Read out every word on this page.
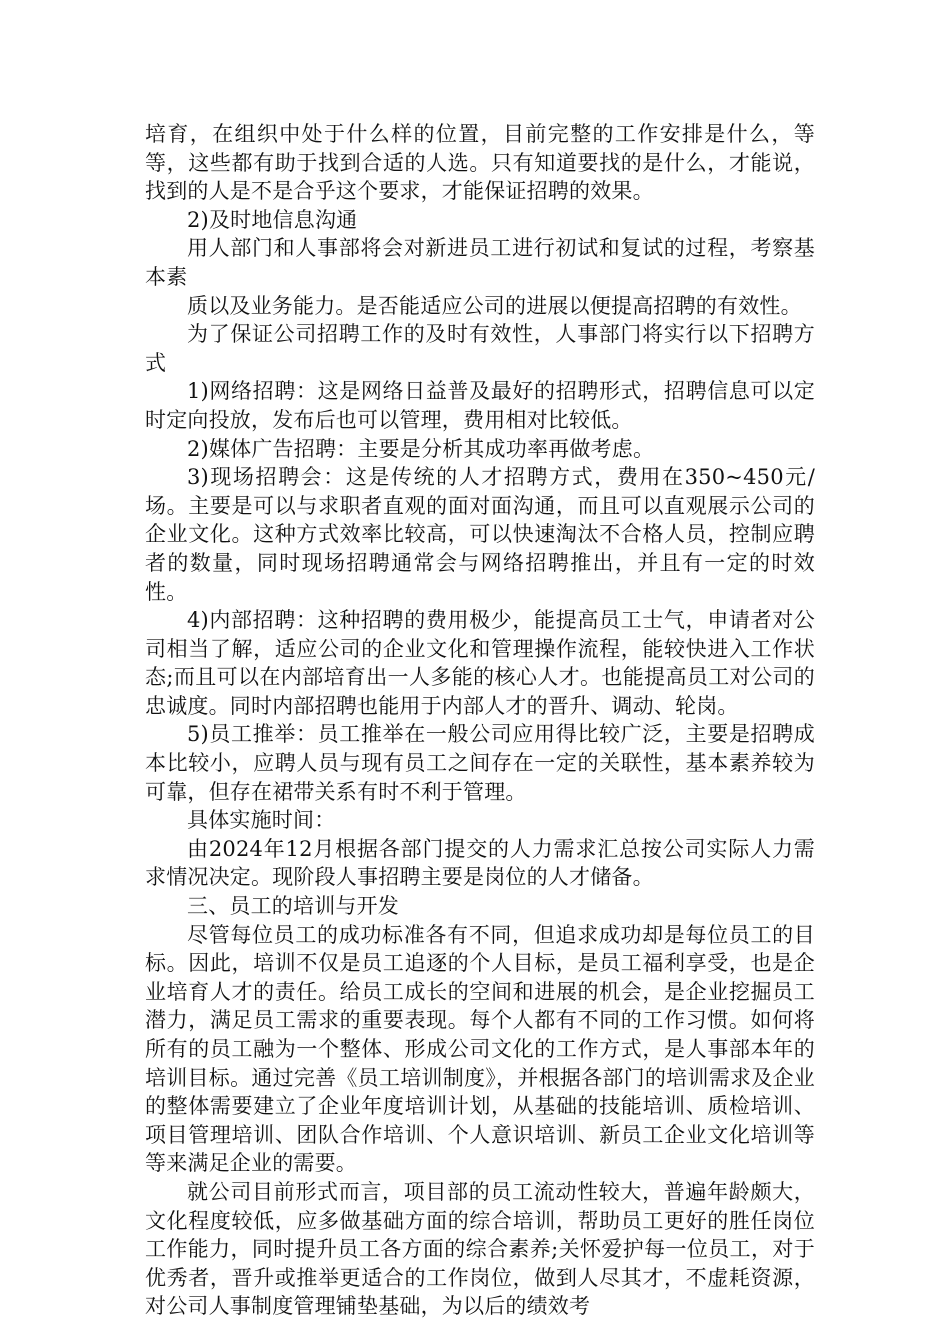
培育，在组织中处于什么样的位置，目前完整的工作安排是什么，等等，这些都有助于找到合适的人选。只有知道要找的是什么，才能说，找到的人是不是合乎这个要求，才能保证招聘的效果。

2)及时地信息沟通

用人部门和人事部将会对新进员工进行初试和复试的过程，考察基本素

质以及业务能力。是否能适应公司的进展以便提高招聘的有效性。

为了保证公司招聘工作的及时有效性，人事部门将实行以下招聘方式

1)网络招聘：这是网络日益普及最好的招聘形式，招聘信息可以定时定向投放，发布后也可以管理，费用相对比较低。

2)媒体广告招聘：主要是分析其成功率再做考虑。

3)现场招聘会：这是传统的人才招聘方式，费用在350~450元/场。主要是可以与求职者直观的面对面沟通，而且可以直观展示公司的企业文化。这种方式效率比较高，可以快速淘汰不合格人员，控制应聘者的数量，同时现场招聘通常会与网络招聘推出，并且有一定的时效性。

4)内部招聘：这种招聘的费用极少，能提高员工士气，申请者对公司相当了解，适应公司的企业文化和管理操作流程，能较快进入工作状态;而且可以在内部培育出一人多能的核心人才。也能提高员工对公司的忠诚度。同时内部招聘也能用于内部人才的晋升、调动、轮岗。

5)员工推举：员工推举在一般公司应用得比较广泛，主要是招聘成本比较小，应聘人员与现有员工之间存在一定的关联性，基本素养较为可靠，但存在裙带关系有时不利于管理。

具体实施时间：

由2024年12月根据各部门提交的人力需求汇总按公司实际人力需求情况决定。现阶段人事招聘主要是岗位的人才储备。

三、员工的培训与开发

尽管每位员工的成功标准各有不同，但追求成功却是每位员工的目标。因此，培训不仅是员工追逐的个人目标，是员工福利享受，也是企业培育人才的责任。给员工成长的空间和进展的机会，是企业挖掘员工潜力，满足员工需求的重要表现。每个人都有不同的工作习惯。如何将所有的员工融为一个整体、形成公司文化的工作方式，是人事部本年的培训目标。通过完善《员工培训制度》，并根据各部门的培训需求及企业的整体需要建立了企业年度培训计划，从基础的技能培训、质检培训、项目管理培训、团队合作培训、个人意识培训、新员工企业文化培训等等来满足企业的需要。

就公司目前形式而言，项目部的员工流动性较大，普遍年龄颇大，文化程度较低，应多做基础方面的综合培训，帮助员工更好的胜任岗位工作能力，同时提升员工各方面的综合素养;关怀爱护每一位员工，对于优秀者，晋升或推举更适合的工作岗位，做到人尽其才，不虚耗资源，对公司人事制度管理铺垫基础，为以后的绩效考
